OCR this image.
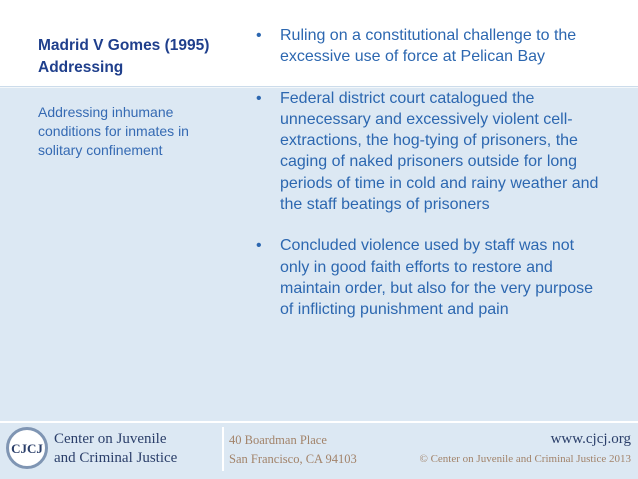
Madrid V Gomes (1995)
Addressing
Addressing inhumane conditions for inmates in solitary confinement
• Ruling on a constitutional challenge to the excessive use of force at Pelican Bay
• Federal district court catalogued the unnecessary and excessively violent cell-extractions, the hog-tying of prisoners, the caging of naked prisoners outside for long periods of time in cold and rainy weather and the staff beatings of prisoners
• Concluded violence used by staff was not only in good faith efforts to restore and maintain order, but also for the very purpose of inflicting punishment and pain
CJCJ
Center on Juvenile
and Criminal Justice
40 Boardman Place
San Francisco, CA 94103
www.cjcj.org
© Center on Juvenile and Criminal Justice 2013
